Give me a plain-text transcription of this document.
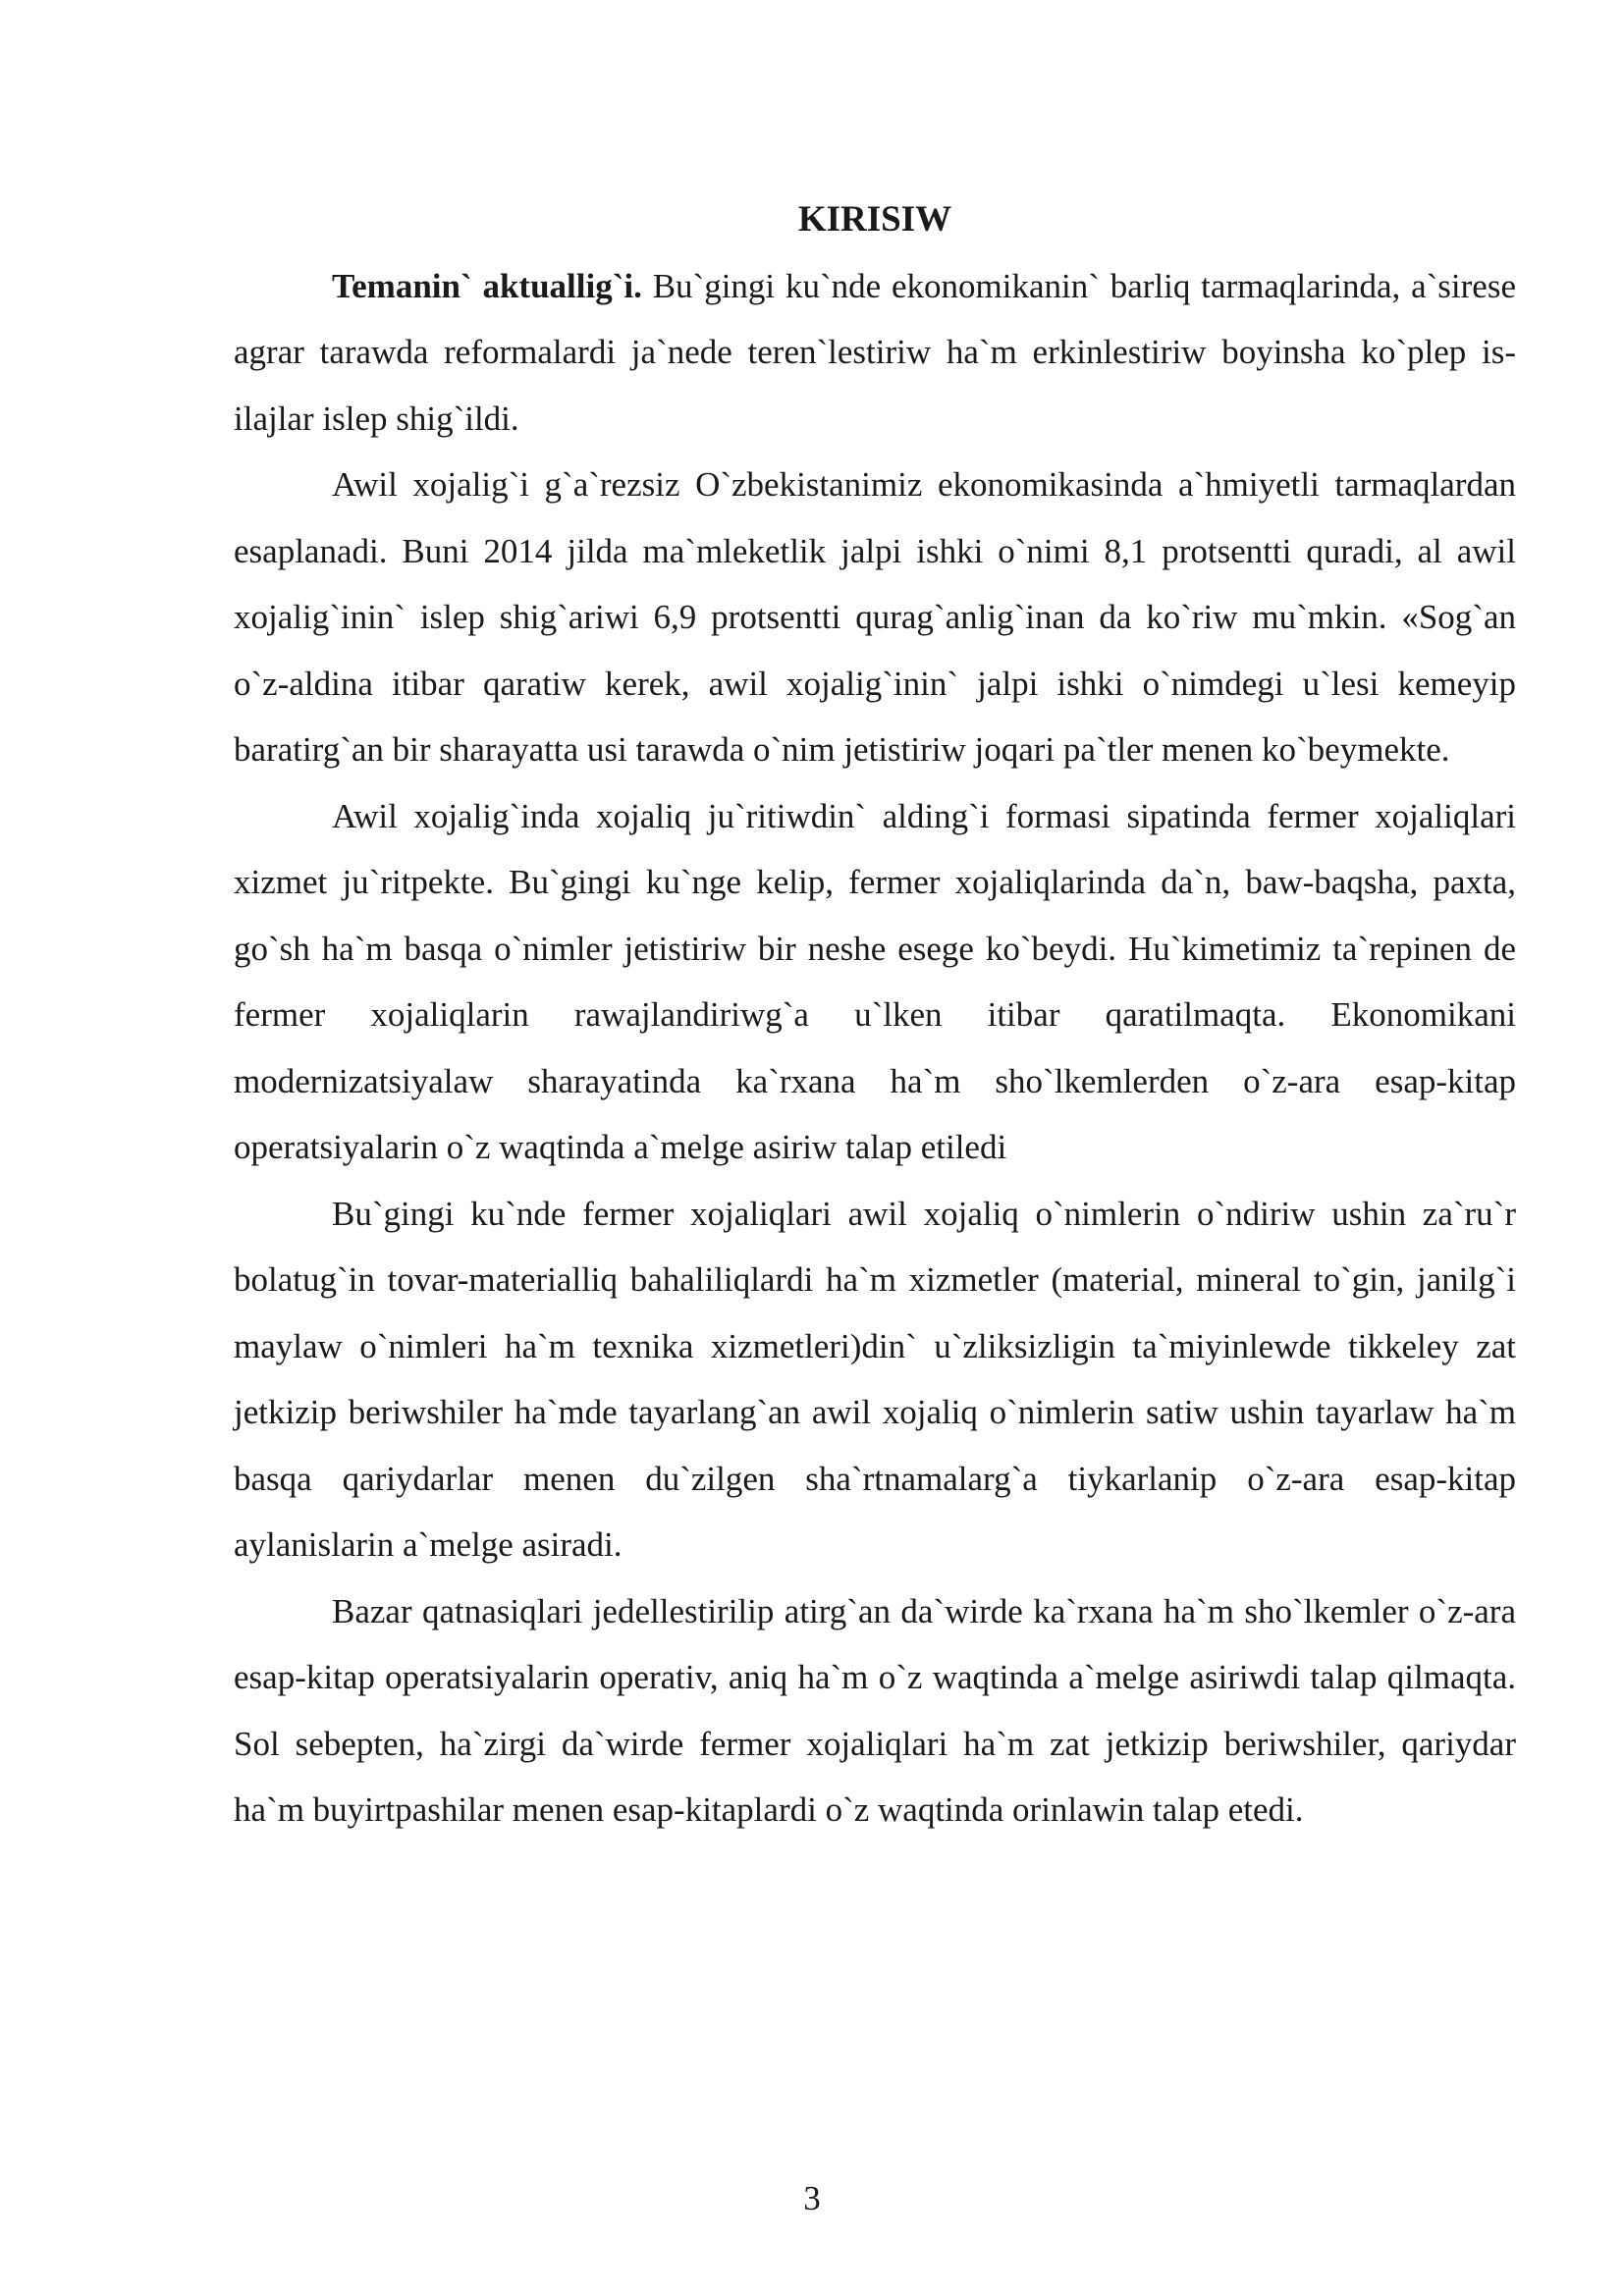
KIRISIW

Temanin` aktuallig`i. Bu`gingi ku`nde ekonomikanin` barliq tarmaqlarinda, a`sirese agrar tarawda reformalardi ja`nede teren`lestiriw ha`m erkinlestiriw boyinsha ko`plep is-ilajlar islep shig`ildi.

Awil xojalig`i g`a`rezsiz O`zbekistanimiz ekonomikasinda a`hmiyetli tarmaqlardan esaplanadi. Buni 2014 jilda ma`mleketlik jalpi ishki o`nimi 8,1 protsentti quradi, al awil xojalig`inin` islep shig`ariwi 6,9 protsentti qurag`anlig`inan da ko`riw mu`mkin. «Sog`an o`z-aldina itibar qaratiw kerek, awil xojalig`inin` jalpi ishki o`nimdegi u`lesi kemeyip baratirg`an bir sharayatta usi tarawda o`nim jetistiriw joqari pa`tler menen ko`beymekte.

Awil xojalig`inda xojaliq ju`ritiwdin` alding`i formasi sipatinda fermer xojaliqlari xizmet ju`ritpekte. Bu`gingi ku`nge kelip, fermer xojaliqlarinda da`n, baw-baqsha, paxta, go`sh ha`m basqa o`nimler jetistiriw bir neshe esege ko`beydi. Hu`kimetimiz ta`repinen de fermer xojaliqlarin rawajlandiriwg`a u`lken itibar qaratilmaqta. Ekonomikani modernizatsiyalaw sharayatinda ka`rxana ha`m sho`lkemlerden o`z-ara esap-kitap operatsiyalarin o`z waqtinda a`melge asiriw talap etiledi

Bu`gingi ku`nde fermer xojaliqlari awil xojaliq o`nimlerin o`ndiriw ushin za`ru`r bolatug`in tovar-materialliq bahaliliqlardi ha`m xizmetler (material, mineral to`gin, janilg`i maylaw o`nimleri ha`m texnika xizmetleri)din` u`zliksizligin ta`miyinlewde tikkeley zat jetkizip beriwshiler ha`mde tayarlang`an awil xojaliq o`nimlerin satiw ushin tayarlaw ha`m basqa qariydarlar menen du`zilgen sha`rtnamalarg`a tiykarlanip o`z-ara esap-kitap aylanislarin a`melge asiradi.

Bazar qatnasiqlari jedellestirilip atirg`an da`wirde ka`rxana ha`m sho`lkemler o`z-ara esap-kitap operatsiyalarin operativ, aniq ha`m o`z waqtinda a`melge asiriwdi talap qilmaqta. Sol sebepten, ha`zirgi da`wirde fermer xojaliqlari ha`m zat jetkizip beriwshiler, qariydar ha`m buyirtpashilar menen esap-kitaplardi o`z waqtinda orinlawin talap etedi.

3
